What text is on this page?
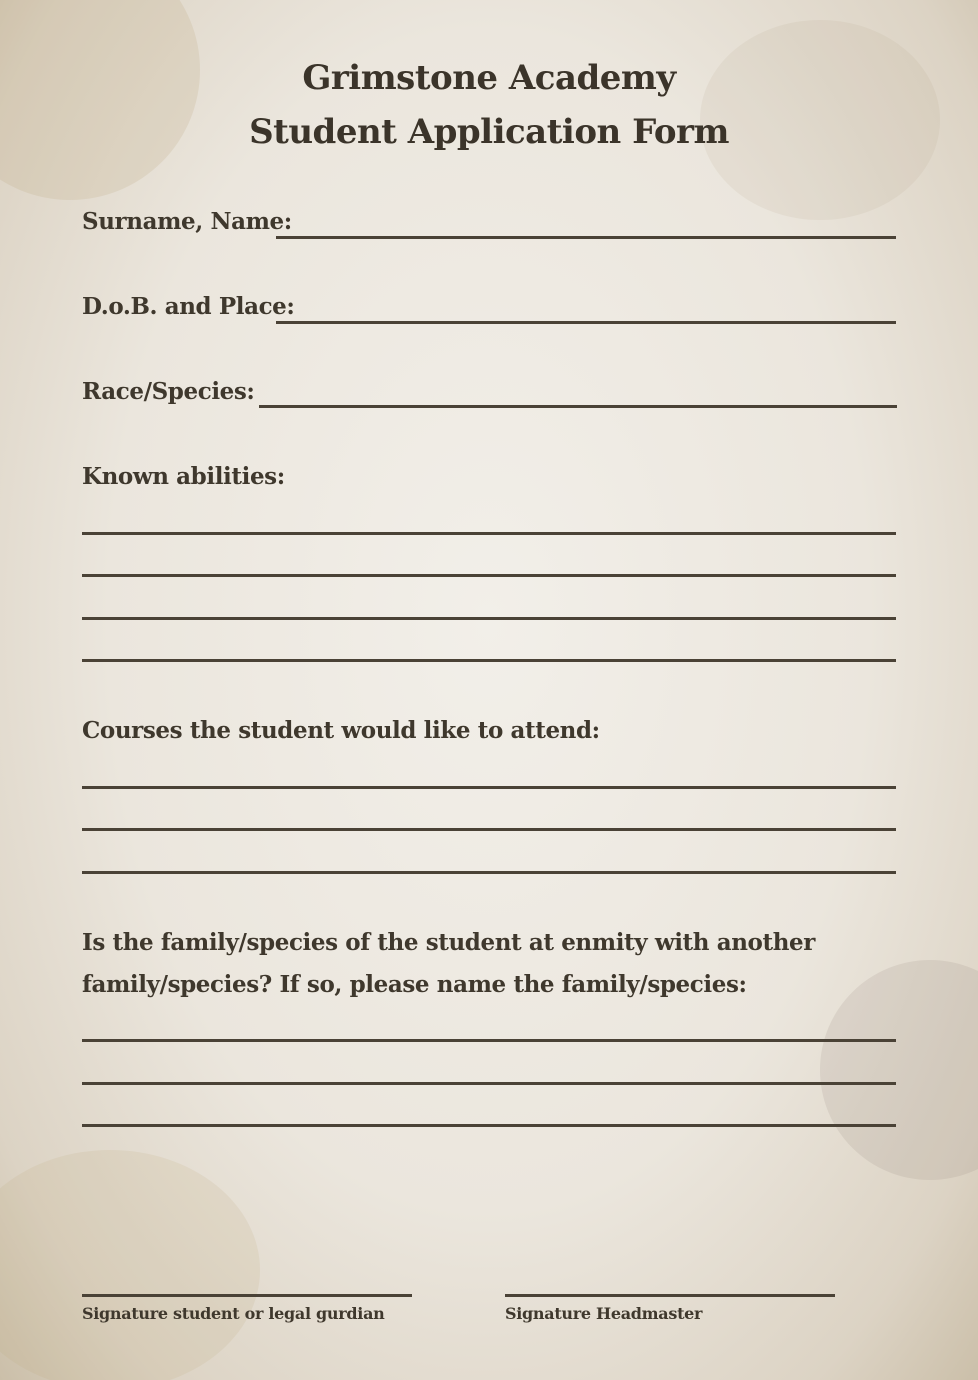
Grimstone Academy
Student Application Form
Surname, Name:
D.o.B. and Place:
Race/Species:
Known abilities:
Courses the student would like to attend:
Is the family/species of the student at enmity with another
family/species? If so, please name the family/species:
Signature student or legal gurdian	Signature Headmaster
